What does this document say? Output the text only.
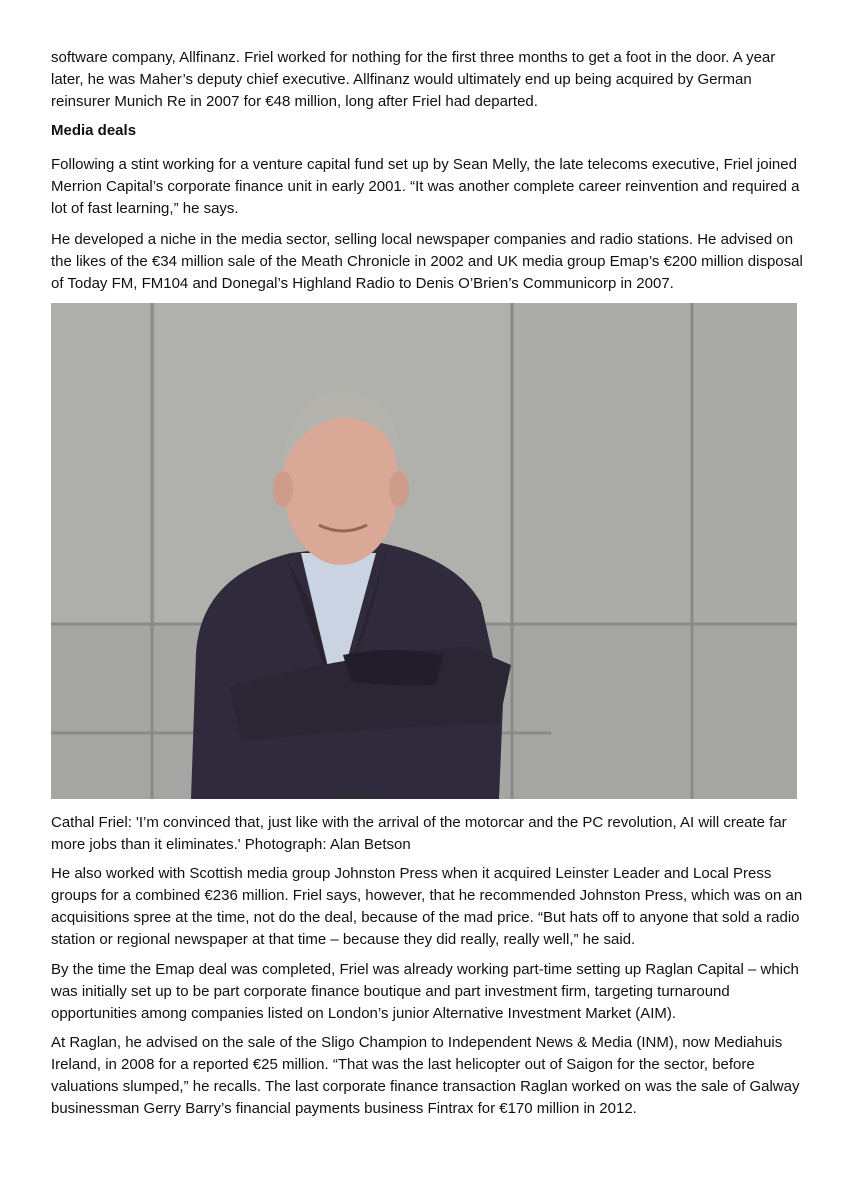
software company, Allfinanz. Friel worked for nothing for the first three months to get a foot in the door. A year later, he was Maher’s deputy chief executive. Allfinanz would ultimately end up being acquired by German reinsurer Munich Re in 2007 for €48 million, long after Friel had departed.

Media deals

Following a stint working for a venture capital fund set up by Sean Melly, the late telecoms executive, Friel joined Merrion Capital’s corporate finance unit in early 2001. “It was another complete career reinvention and required a lot of fast learning,” he says.

He developed a niche in the media sector, selling local newspaper companies and radio stations. He advised on the likes of the €34 million sale of the Meath Chronicle in 2002 and UK media group Emap’s €200 million disposal of Today FM, FM104 and Donegal’s Highland Radio to Denis O’Brien’s Communicorp in 2007.

Cathal Friel: 'I’m convinced that, just like with the arrival of the motorcar and the PC revolution, AI will create far more jobs than it eliminates.' Photograph: Alan Betson

He also worked with Scottish media group Johnston Press when it acquired Leinster Leader and Local Press groups for a combined €236 million. Friel says, however, that he recommended Johnston Press, which was on an acquisitions spree at the time, not do the deal, because of the mad price. “But hats off to anyone that sold a radio station or regional newspaper at that time – because they did really, really well,” he said.

By the time the Emap deal was completed, Friel was already working part-time setting up Raglan Capital – which was initially set up to be part corporate finance boutique and part investment firm, targeting turnaround opportunities among companies listed on London’s junior Alternative Investment Market (AIM).

At Raglan, he advised on the sale of the Sligo Champion to Independent News & Media (INM), now Mediahuis Ireland, in 2008 for a reported €25 million. “That was the last helicopter out of Saigon for the sector, before valuations slumped,” he recalls. The last corporate finance transaction Raglan worked on was the sale of Galway businessman Gerry Barry’s financial payments business Fintrax for €170 million in 2012.
